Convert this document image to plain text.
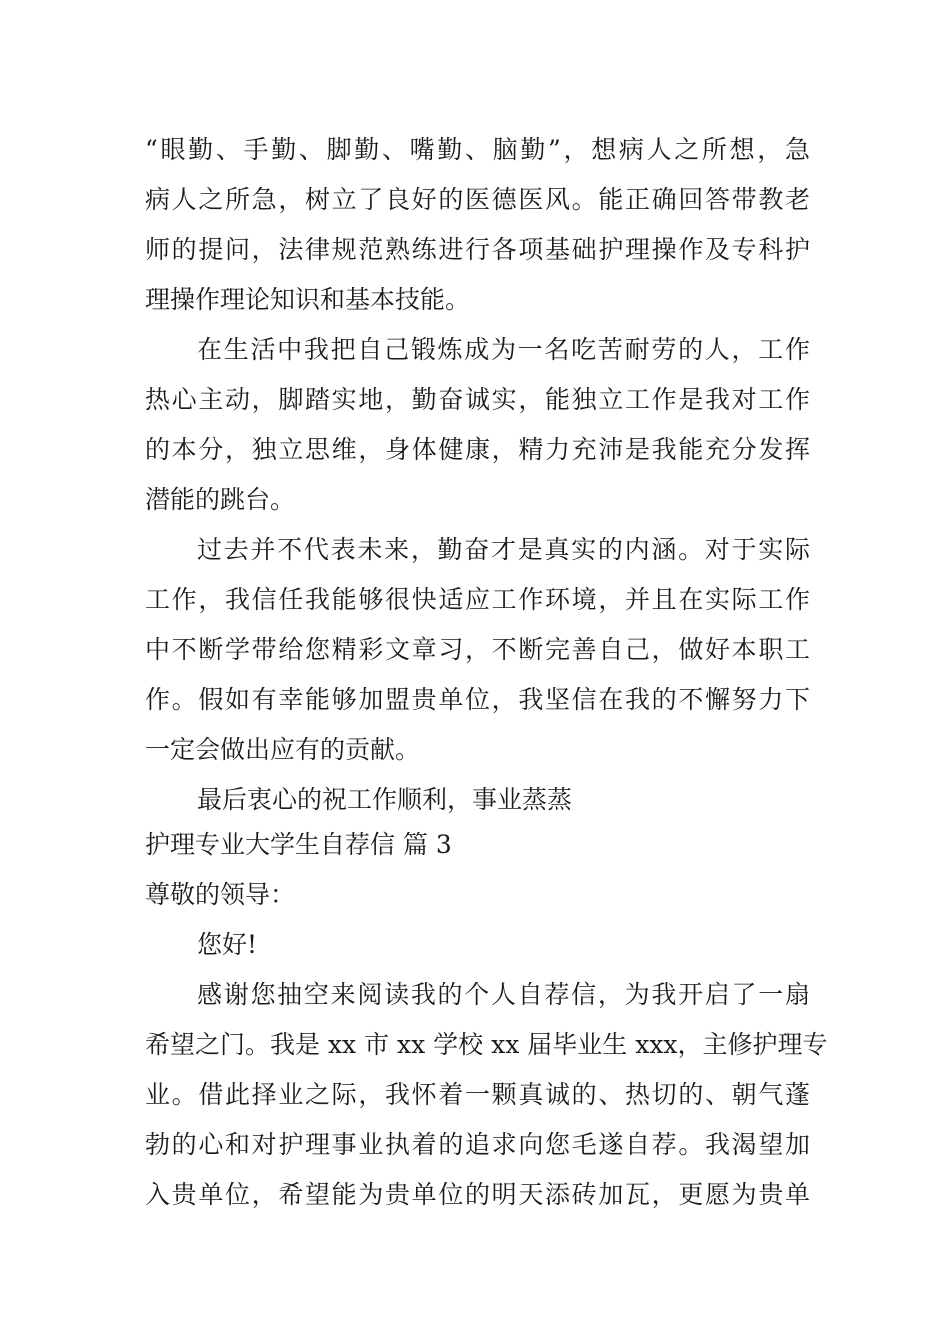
“眼勤、手勤、脚勤、嘴勤、脑勤”，想病人之所想，急
病人之所急，树立了良好的医德医风。能正确回答带教老
师的提问，法律规范熟练进行各项基础护理操作及专科护
理操作理论知识和基本技能。
在生活中我把自己锻炼成为一名吃苦耐劳的人，工作
热心主动，脚踏实地，勤奋诚实，能独立工作是我对工作
的本分，独立思维，身体健康，精力充沛是我能充分发挥
潜能的跳台。
过去并不代表未来，勤奋才是真实的内涵。对于实际
工作，我信任我能够很快适应工作环境，并且在实际工作
中不断学带给您精彩文章习，不断完善自己，做好本职工
作。假如有幸能够加盟贵单位，我坚信在我的不懈努力下
一定会做出应有的贡献。
最后衷心的祝工作顺利，事业蒸蒸
护理专业大学生自荐信 篇 3
尊敬的领导：
您好!
感谢您抽空来阅读我的个人自荐信，为我开启了一扇
希望之门。我是 xx 市 xx 学校 xx 届毕业生 xxx，主修护理专
业。借此择业之际，我怀着一颗真诚的、热切的、朝气蓬
勃的心和对护理事业执着的追求向您毛遂自荐。我渴望加
入贵单位，希望能为贵单位的明天添砖加瓦，更愿为贵单
